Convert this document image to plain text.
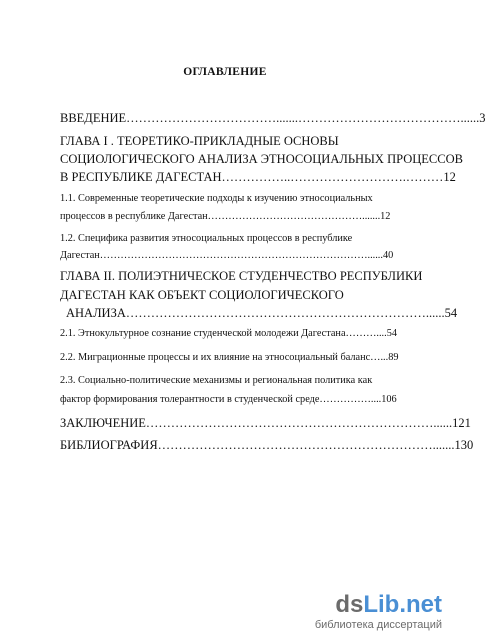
ОГЛАВЛЕНИЕ
ВВЕДЕНИЕ……………………………….......…………………………………......3
ГЛАВА I . ТЕОРЕТИКО-ПРИКЛАДНЫЕ ОСНОВЫ
СОЦИОЛОГИЧЕСКОГО АНАЛИЗА ЭТНОСОЦИАЛЬНЫХ ПРОЦЕССОВ
В РЕСПУБЛИКЕ ДАГЕСТАН……………..……………………….………12
1.1. Современные теоретические подходы к изучению этносоциальных
процессов в республике Дагестан……………………………………….......12
1.2. Специфика развития этносоциальных процессов в республике
Дагестан……………………………………………………………………......40
ГЛАВА II. ПОЛИЭТНИЧЕСКОЕ СТУДЕНЧЕСТВО РЕСПУБЛИКИ
ДАГЕСТАН КАК ОБЪЕКТ СОЦИОЛОГИЧЕСКОГО
АНАЛИЗА………………………………………………………………......54
2.1. Этнокультурное сознание студенческой молодежи Дагестана………....54
2.2. Миграционные процессы и их влияние на этносоциальный баланс…...89
2.3. Социально-политические механизмы и региональная политика как
фактор формирования толерантности в студенческой среде……………....106
ЗАКЛЮЧЕНИЕ……………………………………………………………......121
БИБЛИОГРАФИЯ………………………………………………………….......130
dsLib.net
библиотека диссертаций
